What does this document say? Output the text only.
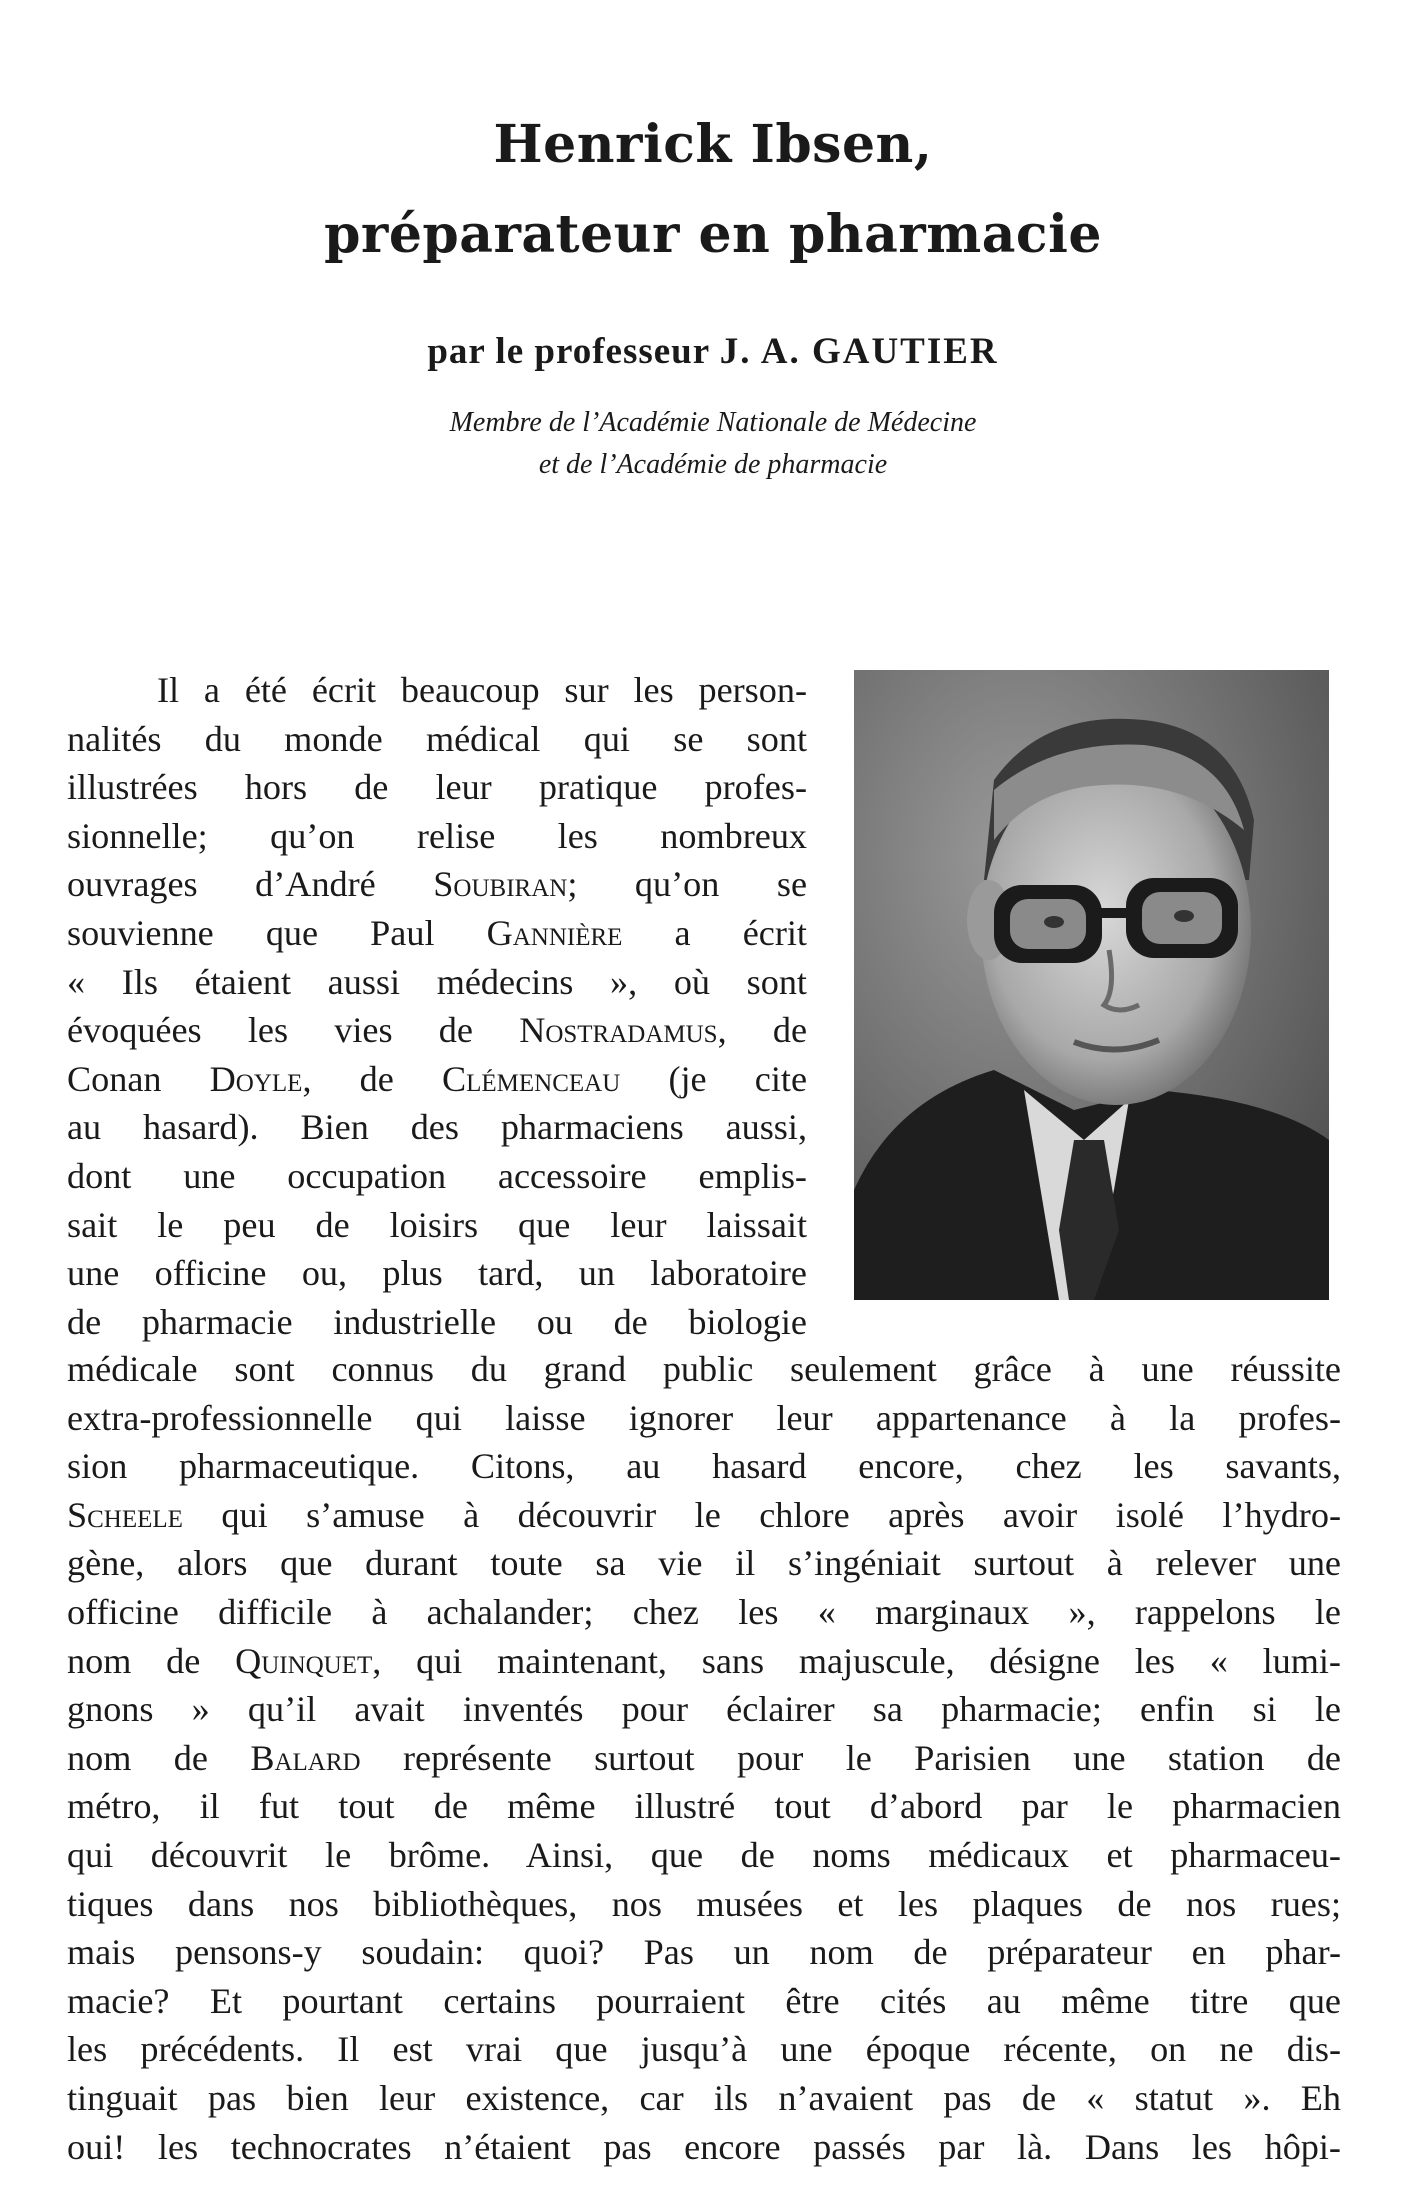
Henrick Ibsen,
préparateur en pharmacie
par le professeur J. A. GAUTIER
Membre de l’Académie Nationale de Médecine
et de l’Académie de pharmacie
Il a été écrit beaucoup sur les person-
nalités du monde médical qui se sont
illustrées hors de leur pratique profes-
sionnelle; qu’on relise les nombreux
ouvrages d’André Soubiran; qu’on se
souvienne que Paul Gannière a écrit
« Ils étaient aussi médecins », où sont
évoquées les vies de Nostradamus, de
Conan Doyle, de Clémenceau (je cite
au hasard). Bien des pharmaciens aussi,
dont une occupation accessoire emplis-
sait le peu de loisirs que leur laissait
une officine ou, plus tard, un laboratoire
de pharmacie industrielle ou de biologie
médicale sont connus du grand public seulement grâce à une réussite
extra-professionnelle qui laisse ignorer leur appartenance à la profes-
sion pharmaceutique. Citons, au hasard encore, chez les savants,
Scheele qui s’amuse à découvrir le chlore après avoir isolé l’hydro-
gène, alors que durant toute sa vie il s’ingéniait surtout à relever une
officine difficile à achalander; chez les « marginaux », rappelons le
nom de Quinquet, qui maintenant, sans majuscule, désigne les « lumi-
gnons » qu’il avait inventés pour éclairer sa pharmacie; enfin si le
nom de Balard représente surtout pour le Parisien une station de
métro, il fut tout de même illustré tout d’abord par le pharmacien
qui découvrit le brôme. Ainsi, que de noms médicaux et pharmaceu-
tiques dans nos bibliothèques, nos musées et les plaques de nos rues;
mais pensons-y soudain: quoi? Pas un nom de préparateur en phar-
macie? Et pourtant certains pourraient être cités au même titre que
les précédents. Il est vrai que jusqu’à une époque récente, on ne dis-
tinguait pas bien leur existence, car ils n’avaient pas de « statut ». Eh
oui! les technocrates n’étaient pas encore passés par là. Dans les hôpi-
